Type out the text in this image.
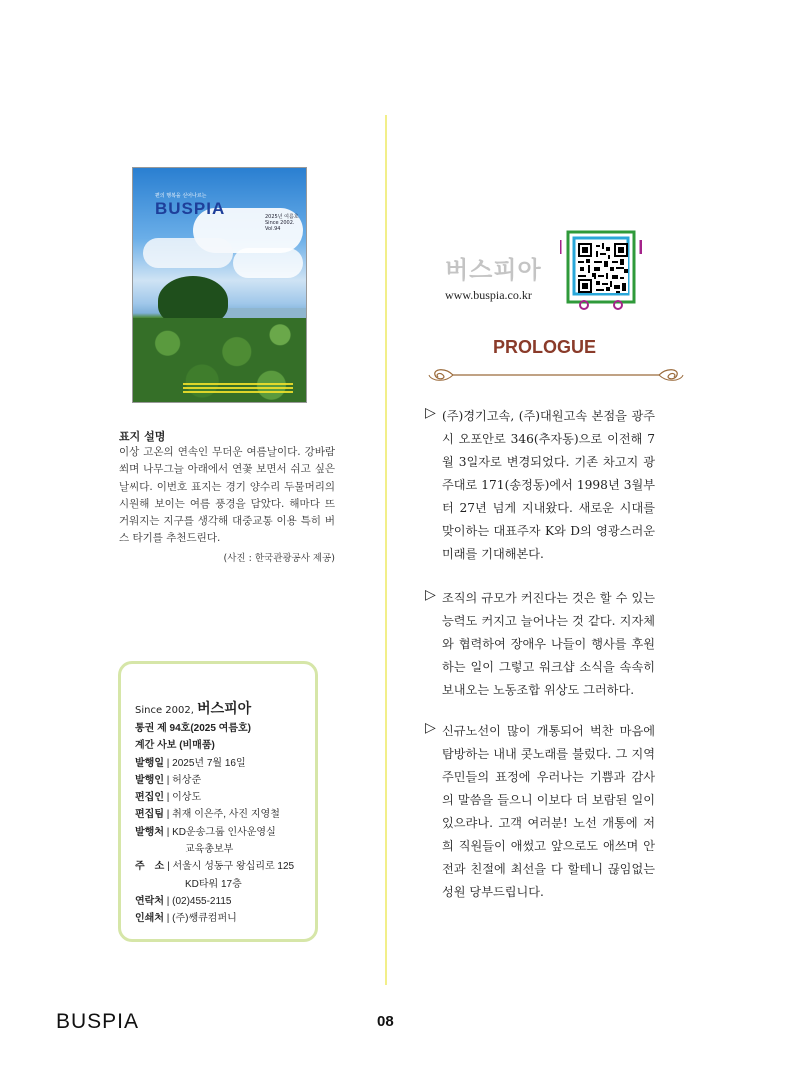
편의 행복을 싣어나르는
BUSPIA	2025년 여름호
Since 2002. Vol.94
표지 설명

이상 고온의 연속인 무더운 여름날이다. 강바람 쐬며 나무그늘 아래에서 연꽃 보면서 쉬고 싶은 날씨다. 이번호 표지는 경기 양수리 두물머리의 시원해 보이는 여름 풍경을 담았다. 해마다 뜨거워지는 지구를 생각해 대중교통 이용 특히 버스 타기를 추천드린다.

(사진 : 한국관광공사 제공)
Since 2002, 버스피아
통권 제 94호(2025 여름호)
계간 사보 (비매품)
발행일 | 2025년 7월 16일
발행인 | 허상준
편집인 | 이상도
편집팀 | 취재 이은주, 사진 지영철
발행처 | KD운송그룹 인사운영실
교육총보부
주　소 | 서울시 성동구 왕십리로 125
KD타워 17층
연락처 | (02)455-2115
인쇄처 | (주)쌩큐컴퍼니
버스피아
www.buspia.co.kr
PROLOGUE
▷ (주)경기고속, (주)대원고속 본점을 광주시 오포안로 346(추자동)으로 이전해 7월 3일자로 변경되었다. 기존 차고지 광주대로 171(송정동)에서 1998년 3월부터 27년 넘게 지내왔다. 새로운 시대를 맞이하는 대표주자 K와 D의 영광스러운 미래를 기대해본다.

▷ 조직의 규모가 커진다는 것은 할 수 있는 능력도 커지고 늘어나는 것 같다. 지자체와 협력하여 장애우 나들이 행사를 후원하는 일이 그렇고 워크샵 소식을 속속히 보내오는 노동조합 위상도 그러하다.

▷ 신규노선이 많이 개통되어 벅찬 마음에 탐방하는 내내 콧노래를 불렀다. 그 지역 주민들의 표정에 우러나는 기쁨과 감사의 말씀을 들으니 이보다 더 보람된 일이 있으랴나. 고객 여러분! 노선 개통에 저희 직원들이 애썼고 앞으로도 애쓰며 안전과 친절에 최선을 다 할테니 끊임없는 성원 당부드립니다.

BUSPIA	08
